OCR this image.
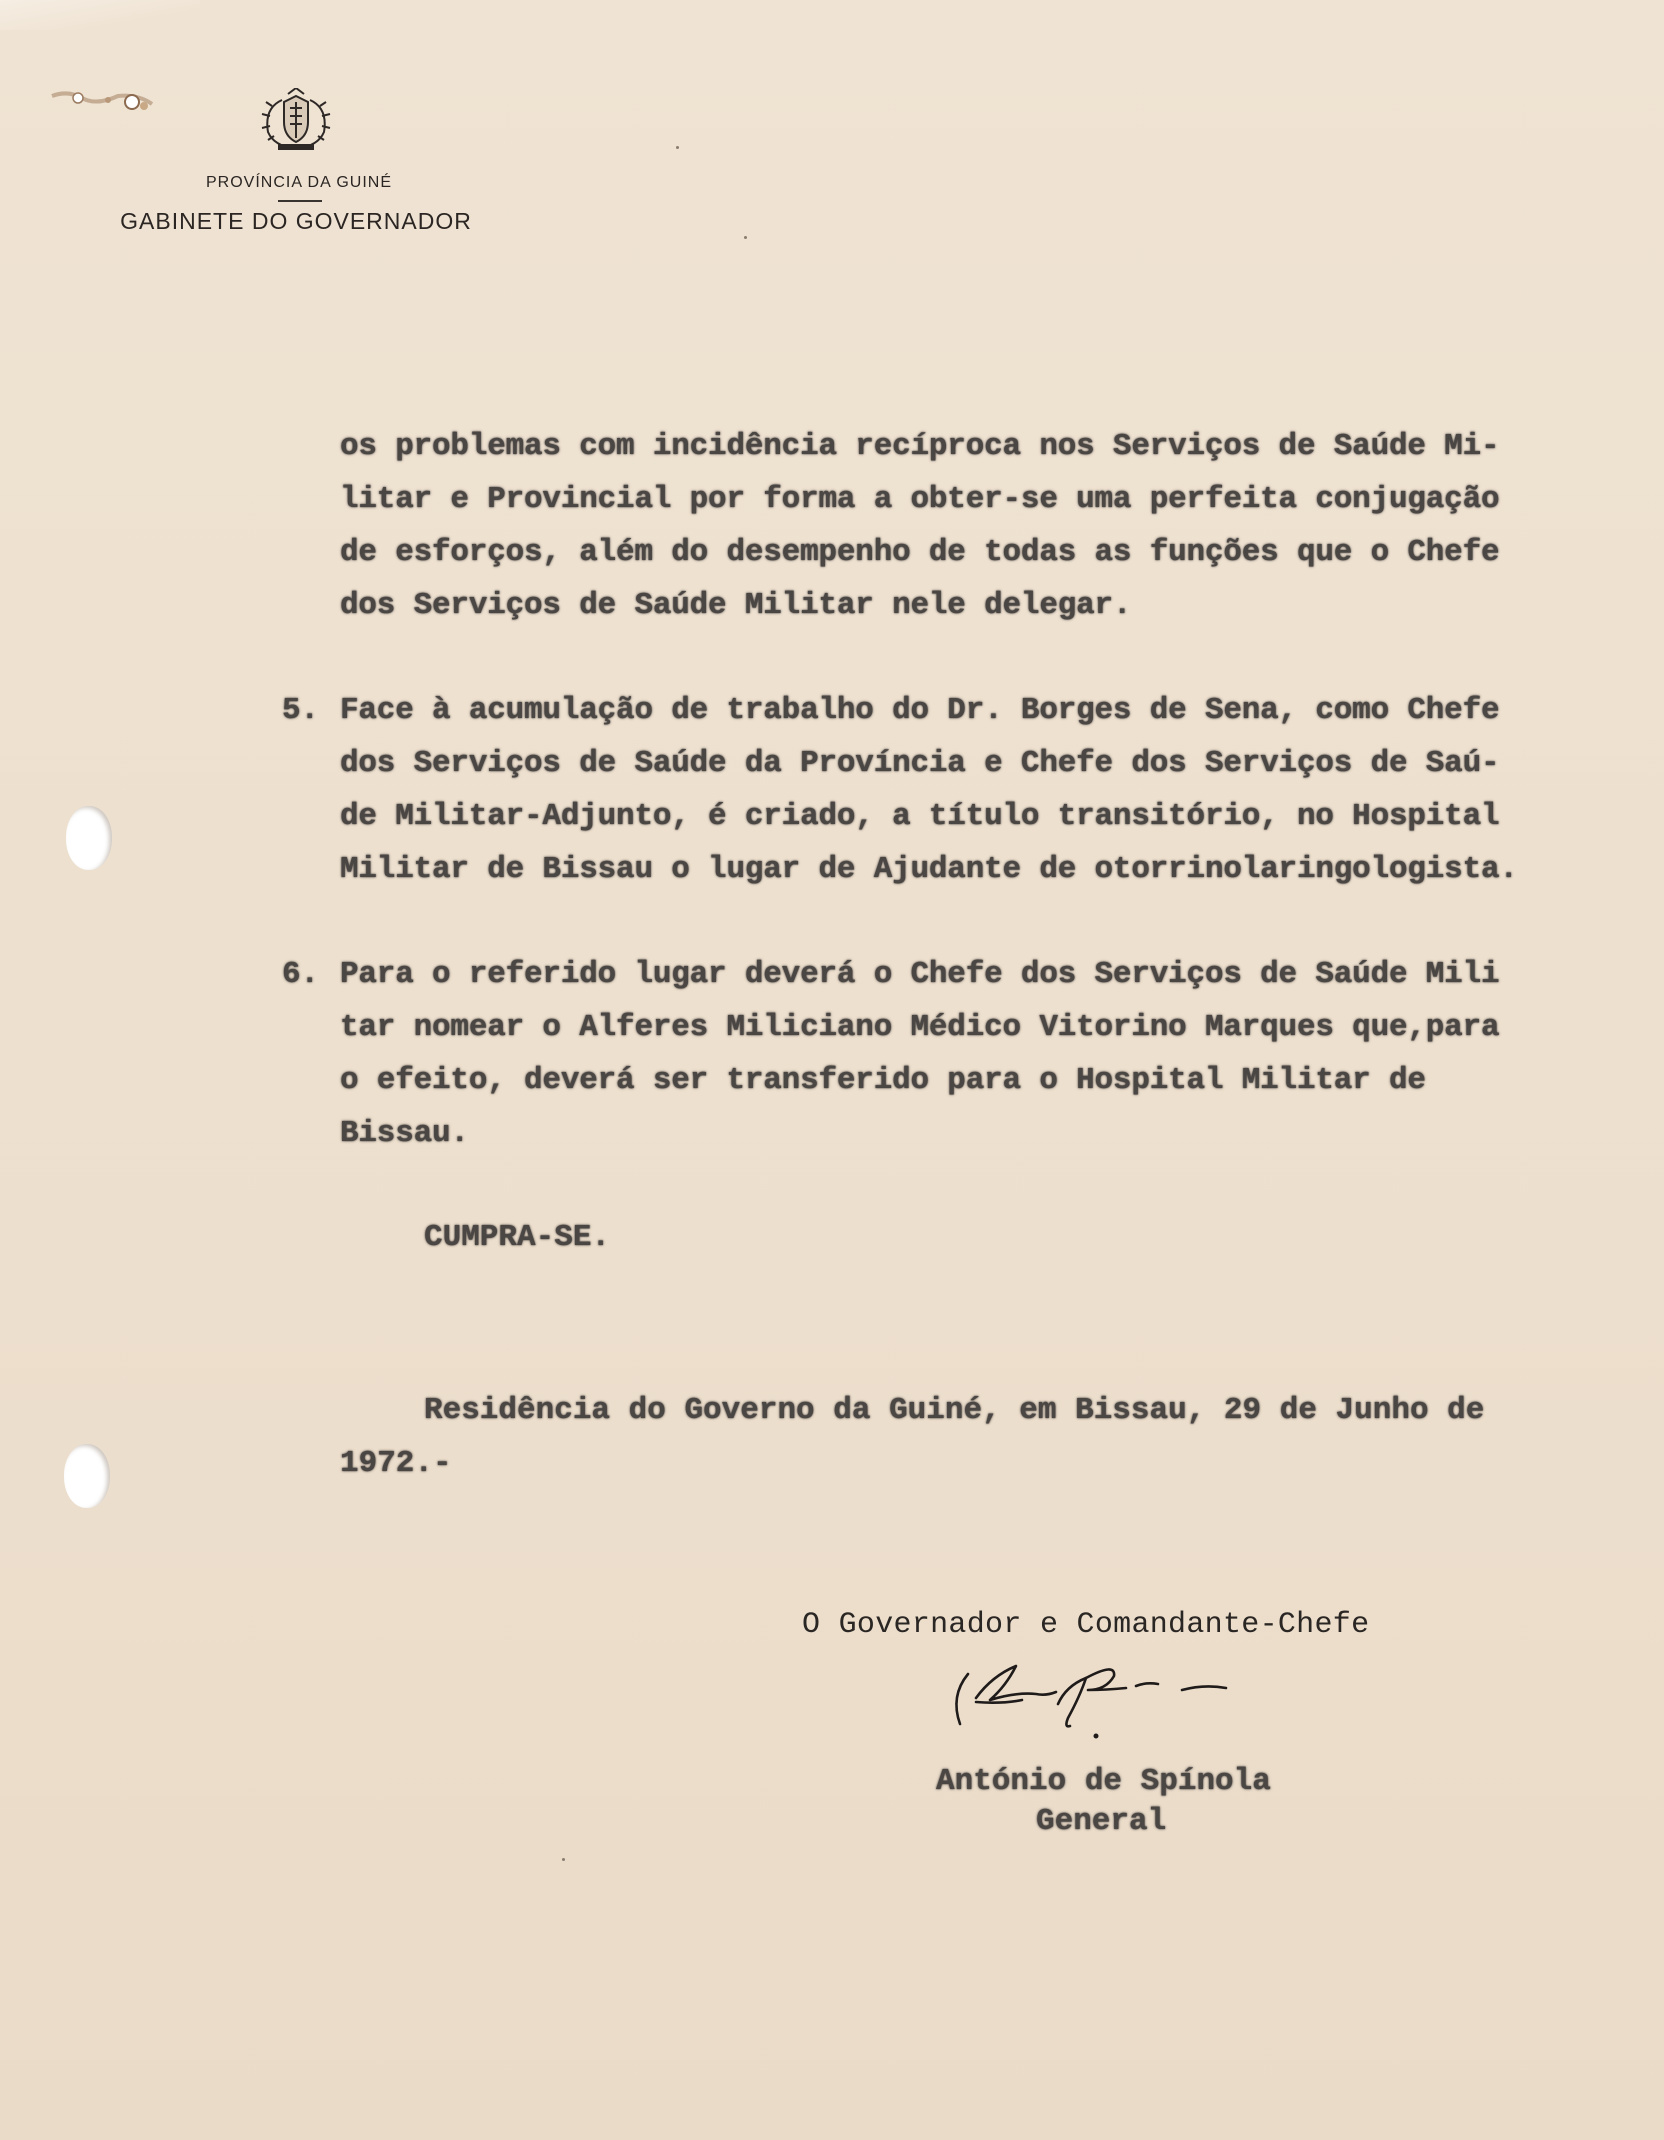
PROVÍNCIA DA GUINÉ
GABINETE DO GOVERNADOR
os problemas com incidência recíproca nos Serviços de Saúde Mi-
litar e Provincial por forma a obter-se uma perfeita conjugação
de esforços, além do desempenho de todas as funções que o Chefe
dos Serviços de Saúde Militar nele delegar.
5. Face à acumulação de trabalho do Dr. Borges de Sena, como Chefe
dos Serviços de Saúde da Província e Chefe dos Serviços de Saú-
de Militar-Adjunto, é criado, a título transitório, no Hospital
Militar de Bissau o lugar de Ajudante de otorrinolaringologista.
6. Para o referido lugar deverá o Chefe dos Serviços de Saúde Mili
tar nomear o Alferes Miliciano Médico Vitorino Marques que,para
o efeito, deverá ser transferido para o Hospital Militar de
Bissau.
CUMPRA-SE.
Residência do Governo da Guiné, em Bissau, 29 de Junho de
1972.-
O Governador e Comandante-Chefe
António de Spínola
General
